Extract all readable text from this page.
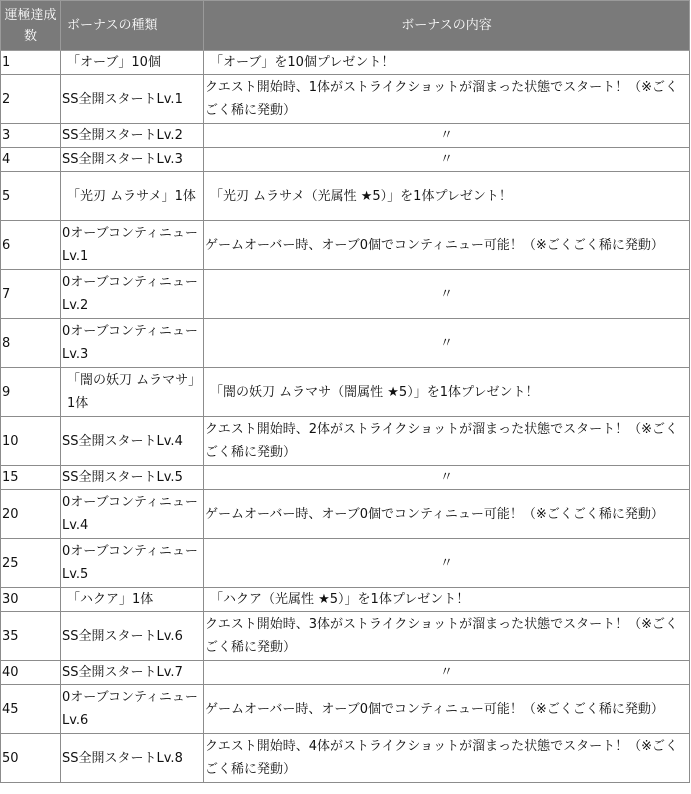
運極達成数	ボーナスの種類	ボーナスの内容
1	「オーブ」10個	「オーブ」を10個プレゼント！
2	SS全開スタートLv.1	クエスト開始時、1体がストライクショットが溜まった状態でスタート！（※ごくごく稀に発動）
3	SS全開スタートLv.2	〃
4	SS全開スタートLv.3	〃
5	「光刃 ムラサメ」1体	「光刃 ムラサメ（光属性 ★5）」を1体プレゼント！
6	0オーブコンティニューLv.1	ゲームオーバー時、オーブ0個でコンティニュー可能！（※ごくごく稀に発動）
7	0オーブコンティニューLv.2	〃
8	0オーブコンティニューLv.3	〃
9	「闇の妖刀 ムラマサ」1体	「闇の妖刀 ムラマサ（闇属性 ★5）」を1体プレゼント！
10	SS全開スタートLv.4	クエスト開始時、2体がストライクショットが溜まった状態でスタート！（※ごくごく稀に発動）
15	SS全開スタートLv.5	〃
20	0オーブコンティニューLv.4	ゲームオーバー時、オーブ0個でコンティニュー可能！（※ごくごく稀に発動）
25	0オーブコンティニューLv.5	〃
30	「ハクア」1体	「ハクア（光属性 ★5）」を1体プレゼント！
35	SS全開スタートLv.6	クエスト開始時、3体がストライクショットが溜まった状態でスタート！（※ごくごく稀に発動）
40	SS全開スタートLv.7	〃
45	0オーブコンティニューLv.6	ゲームオーバー時、オーブ0個でコンティニュー可能！（※ごくごく稀に発動）
50	SS全開スタートLv.8	クエスト開始時、4体がストライクショットが溜まった状態でスタート！（※ごくごく稀に発動）
